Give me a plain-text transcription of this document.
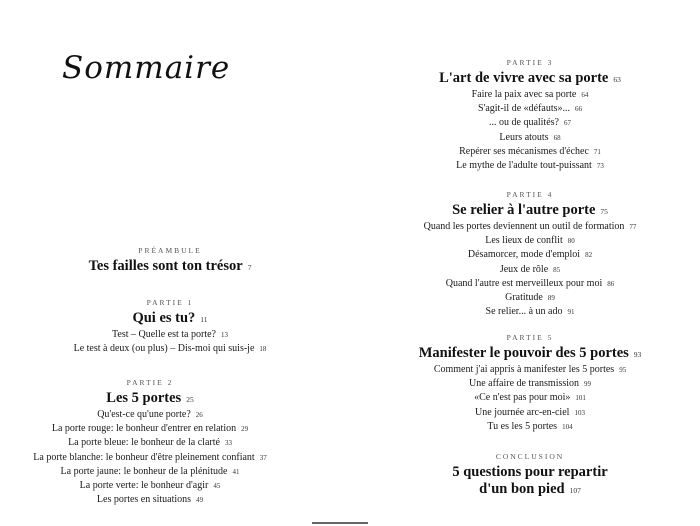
Sommaire
PRÉAMBULE
Tes failles sont ton trésor 7
PARTIE 1
Qui es tu? 11
Test – Quelle est ta porte? 13
Le test à deux (ou plus) – Dis-moi qui suis-je 18
PARTIE 2
Les 5 portes 25
Qu'est-ce qu'une porte? 26
La porte rouge: le bonheur d'entrer en relation 29
La porte bleue: le bonheur de la clarté 33
La porte blanche: le bonheur d'être pleinement confiant 37
La porte jaune: le bonheur de la plénitude 41
La porte verte: le bonheur d'agir 45
Les portes en situations 49
PARTIE 3
L'art de vivre avec sa porte 63
Faire la paix avec sa porte 64
S'agit-il de «défauts»... 66
... ou de qualités? 67
Leurs atouts 68
Repérer ses mécanismes d'échec 71
Le mythe de l'adulte tout-puissant 73
PARTIE 4
Se relier à l'autre porte 75
Quand les portes deviennent un outil de formation 77
Les lieux de conflit 80
Désamorcer, mode d'emploi 82
Jeux de rôle 85
Quand l'autre est merveilleux pour moi 86
Gratitude 89
Se relier... à un ado 91
PARTIE 5
Manifester le pouvoir des 5 portes 93
Comment j'ai appris à manifester les 5 portes 95
Une affaire de transmission 99
«Ce n'est pas pour moi» 101
Une journée arc-en-ciel 103
Tu es les 5 portes 104
CONCLUSION
5 questions pour repartir
d'un bon pied 107
